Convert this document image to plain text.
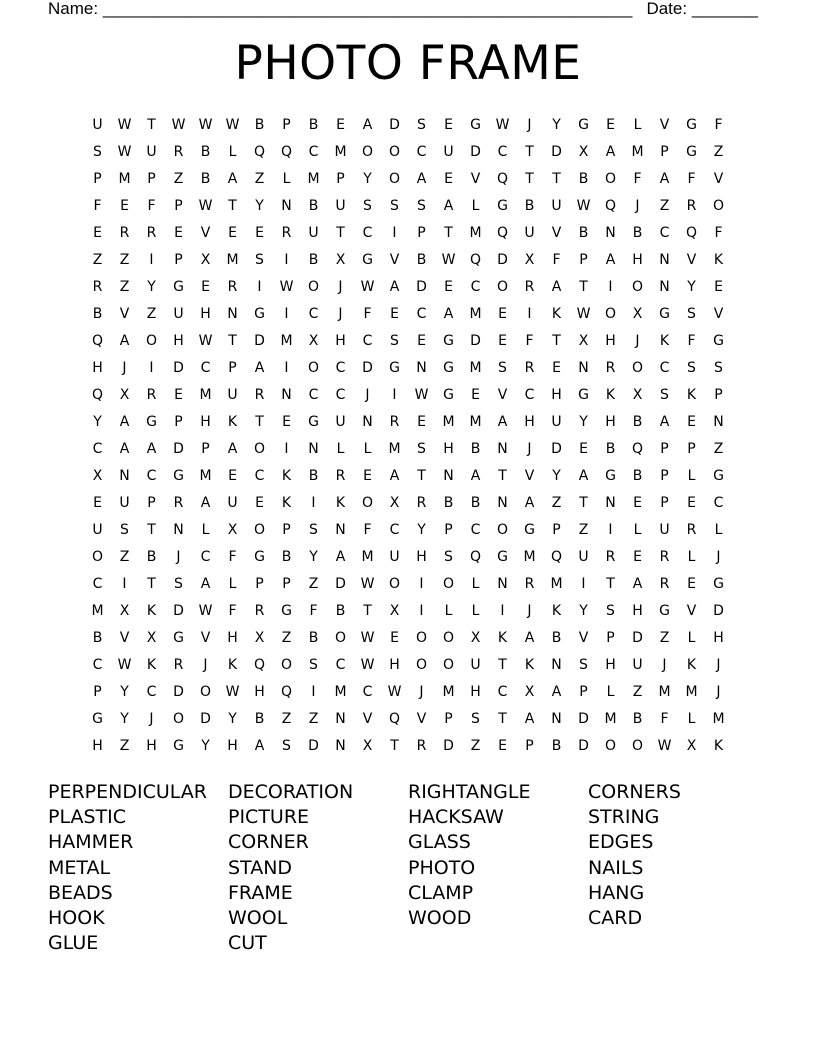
Name: ________________________________________________________ Date: _______
PHOTO FRAME
U	W	T	W W W	B	P	B	E	A	D	S	E	G	W	J	Y	G	E	L	V	G	F
S	W	U	R	B	L	Q	Q	C	M	O	O	C	U	D	C	T	D	X	A	M	P	G	Z
P	M	P	Z	B	A	Z	L	M	P	Y	O	A	E	V	Q	T	T	B	O	F	A	F	V
F	E	F	P	W	T	Y	N	B	U	S	S	S	A	L	G	B	U	W	Q	J	Z	R	O
E	R	R	E	V	E	E	R	U	T	C	I	P	T	M	Q	U	V	B	N	B	C	Q	F
Z	Z	I	P	X	M	S	I	B	X	G	V	B	W	Q	D	X	F	P	A	H	N	V	K
R	Z	Y	G	E	R	I	W	O	J	W	A	D	E	C	O	R	A	T	I	O	N	Y	E
B	V	Z	U	H	N	G	I	C	J	F	E	C	A	M	E	I	K	W	O	X	G	S	V
Q	A	O	H	W	T	D	M	X	H	C	S	E	G	D	E	F	T	X	H	J	K	F	G
H	J	I	D	C	P	A	I	O	C	D	G	N	G	M	S	R	E	N	R	O	C	S	S
Q	X	R	E	M	U	R	N	C	C	J	I	W	G	E	V	C	H	G	K	X	S	K	P
Y	A	G	P	H	K	T	E	G	U	N	R	E	M	M	A	H	U	Y	H	B	A	E	N
C	A	A	D	P	A	O	I	N	L	L	M	S	H	B	N	J	D	E	B	Q	P	P	Z
X	N	C	G	M	E	C	K	B	R	E	A	T	N	A	T	V	Y	A	G	B	P	L	G
E	U	P	R	A	U	E	K	I	K	O	X	R	B	B	N	A	Z	T	N	E	P	E	C
U	S	T	N	L	X	O	P	S	N	F	C	Y	P	C	O	G	P	Z	I	L	U	R	L
O	Z	B	J	C	F	G	B	Y	A	M	U	H	S	Q	G	M	Q	U	R	E	R	L	J
C	I	T	S	A	L	P	P	Z	D	W	O	I	O	L	N	R	M	I	T	A	R	E	G
M	X	K	D	W	F	R	G	F	B	T	X	I	L	L	I	J	K	Y	S	H	G	V	D
B	V	X	G	V	H	X	Z	B	O	W	E	O	O	X	K	A	B	V	P	D	Z	L	H
C	W	K	R	J	K	Q	O	S	C	W	H	O	O	U	T	K	N	S	H	U	J	K	J
P	Y	C	D	O	W	H	Q	I	M	C	W	J	M	H	C	X	A	P	L	Z	M	M	J
G	Y	J	O	D	Y	B	Z	Z	N	V	Q	V	P	S	T	A	N	D	M	B	F	L	M
H	Z	H	G	Y	H	A	S	D	N	X	T	R	D	Z	E	P	B	D	O	O	W	X	K
PERPENDICULAR
PLASTIC
HAMMER
METAL
BEADS
HOOK
GLUE
DECORATION
PICTURE
CORNER
STAND
FRAME
WOOL
CUT
RIGHTANGLE
HACKSAW
GLASS
PHOTO
CLAMP
WOOD
CORNERS
STRING
EDGES
NAILS
HANG
CARD
